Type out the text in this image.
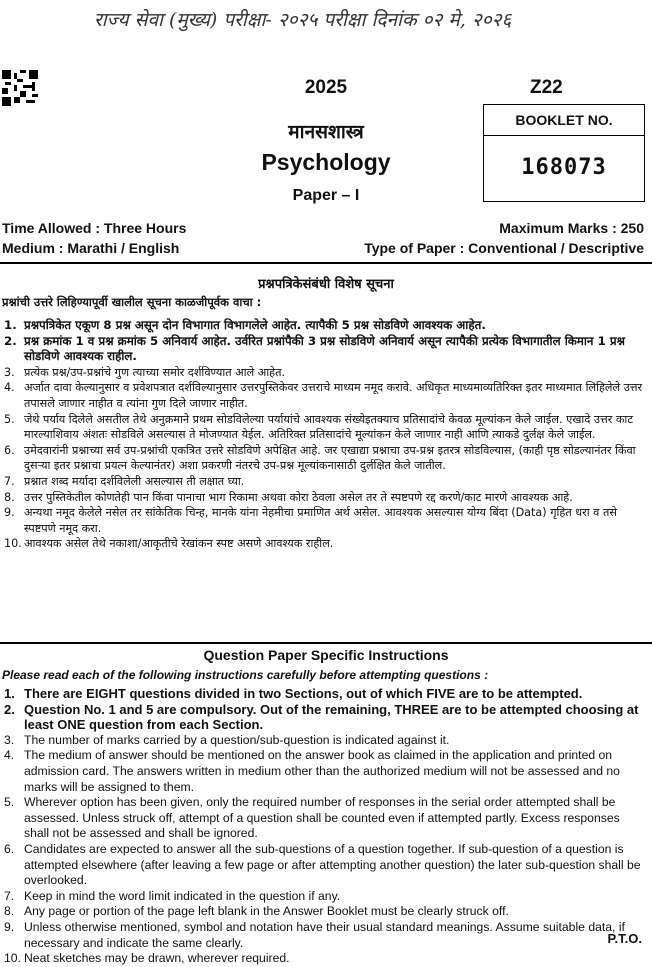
राज्य सेवा (मुख्य) परीक्षा- २०२५ परीक्षा दिनांक ०२ मे, २०२६
2025	Z22
BOOKLET NO.
168073
मानसशास्त्र
Psychology
Paper – I
Time Allowed : Three Hours	Maximum Marks : 250
Medium : Marathi / English	Type of Paper : Conventional / Descriptive
प्रश्नपत्रिकेसंबंधी विशेष सूचना
प्रश्नांची उत्तरे लिहिण्यापूर्वी खालील सूचना काळजीपूर्वक वाचा :
1. प्रश्नपत्रिकेत एकूण 8 प्रश्न असून दोन विभागात विभागलेले आहेत. त्यापैकी 5 प्रश्न सोडविणे आवश्यक आहेत.
2. प्रश्न क्रमांक 1 व प्रश्न क्रमांक 5 अनिवार्य आहेत. उर्वरित प्रश्नांपैकी 3 प्रश्न सोडविणे अनिवार्य असून त्यापैकी प्रत्येक विभागातील किमान 1 प्रश्न सोडविणे आवश्यक राहील.
3. प्रत्येक प्रश्न/उप-प्रश्नांचे गुण त्याच्या समोर दर्शविण्यात आले आहेत.
4. अर्जात दावा केल्यानुसार व प्रवेशपत्रात दर्शविल्यानुसार उत्तरपुस्तिकेवर उत्तराचे माध्यम नमूद करावे. अधिकृत माध्यमाव्यतिरिक्त इतर माध्यमात लिहिलेले उत्तर तपासले जाणार नाहीत व त्यांना गुण दिले जाणार नाहीत.
5. जेथे पर्याय दिलेले असतील तेथे अनुक्रमाने प्रथम सोडविलेल्या पर्यायांचे आवश्यक संख्येइतक्याच प्रतिसादांचे केवळ मूल्यांकन केले जाईल. एखादे उत्तर काट मारल्याशिवाय अंशतः सोडविले असल्यास ते मोजण्यात येईल. अतिरिक्त प्रतिसादांचे मूल्यांकन केले जाणार नाही आणि त्याकडे दुर्लक्ष केले जाईल.
6. उमेदवारांनी प्रश्नाच्या सर्व उप-प्रश्नांची एकत्रित उत्तरे सोडविणे अपेक्षित आहे. जर एखाद्या प्रश्नाचा उप-प्रश्न इतरत्र सोडविल्यास, (काही पृष्ठ सोडल्यानंतर किंवा दुसऱ्या इतर प्रश्नाचा प्रयत्न केल्यानंतर) अशा प्रकरणी नंतरचे उप-प्रश्न मूल्यांकनासाठी दुर्लक्षित केले जातील.
7. प्रश्नात शब्द मर्यादा दर्शविलेली असल्यास ती लक्षात घ्या.
8. उत्तर पुस्तिकेतील कोणतेही पान किंवा पानाचा भाग रिकामा अथवा कोरा ठेवला असेल तर ते स्पष्टपणे रद्द करणे/काट मारणे आवश्यक आहे.
9. अन्यथा नमूद केलेले नसेल तर सांकेतिक चिन्ह, मानके यांना नेहमीचा प्रमाणित अर्थ असेल. आवश्यक असल्यास योग्य बिंदा (Data) गृहित धरा व तसे स्पष्टपणे नमूद करा.
10. आवश्यक असेल तेथे नकाशा/आकृतीचे रेखांकन स्पष्ट असणे आवश्यक राहील.
Question Paper Specific Instructions
Please read each of the following instructions carefully before attempting questions :
1. There are EIGHT questions divided in two Sections, out of which FIVE are to be attempted.
2. Question No. 1 and 5 are compulsory. Out of the remaining, THREE are to be attempted choosing at least ONE question from each Section.
3. The number of marks carried by a question/sub-question is indicated against it.
4. The medium of answer should be mentioned on the answer book as claimed in the application and printed on admission card. The answers written in medium other than the authorized medium will not be assessed and no marks will be assigned to them.
5. Wherever option has been given, only the required number of responses in the serial order attempted shall be assessed. Unless struck off, attempt of a question shall be counted even if attempted partly. Excess responses shall not be assessed and shall be ignored.
6. Candidates are expected to answer all the sub-questions of a question together. If sub-question of a question is attempted elsewhere (after leaving a few page or after attempting another question) the later sub-question shall be overlooked.
7. Keep in mind the word limit indicated in the question if any.
8. Any page or portion of the page left blank in the Answer Booklet must be clearly struck off.
9. Unless otherwise mentioned, symbol and notation have their usual standard meanings. Assume suitable data, if necessary and indicate the same clearly.
10. Neat sketches may be drawn, wherever required.
P.T.O.
